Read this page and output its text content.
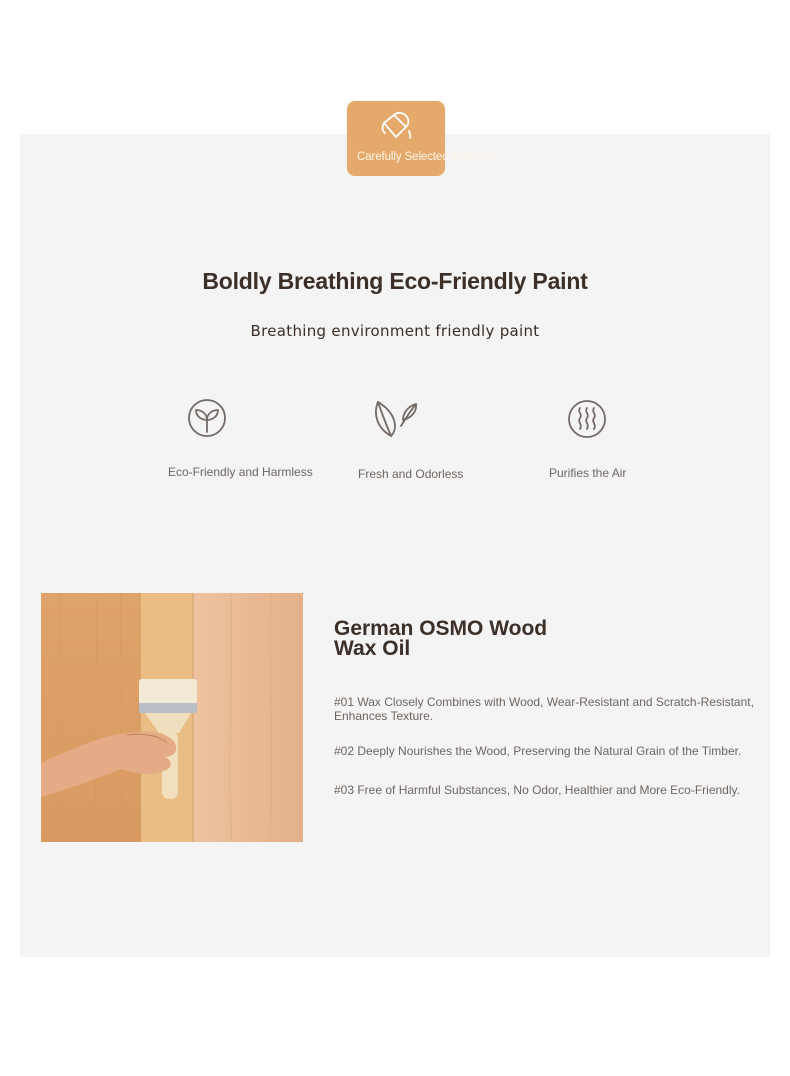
Carefully Selected Materials
Boldly Breathing Eco-Friendly Paint
Breathing environment friendly paint
Eco-Friendly and Harmless	Fresh and Odorless	Purifies the Air
German OSMO Wood Wax Oil
#01 Wax Closely Combines with Wood, Wear-Resistant and Scratch-Resistant, Enhances Texture.
#02 Deeply Nourishes the Wood, Preserving the Natural Grain of the Timber.
#03 Free of Harmful Substances, No Odor, Healthier and More Eco-Friendly.
